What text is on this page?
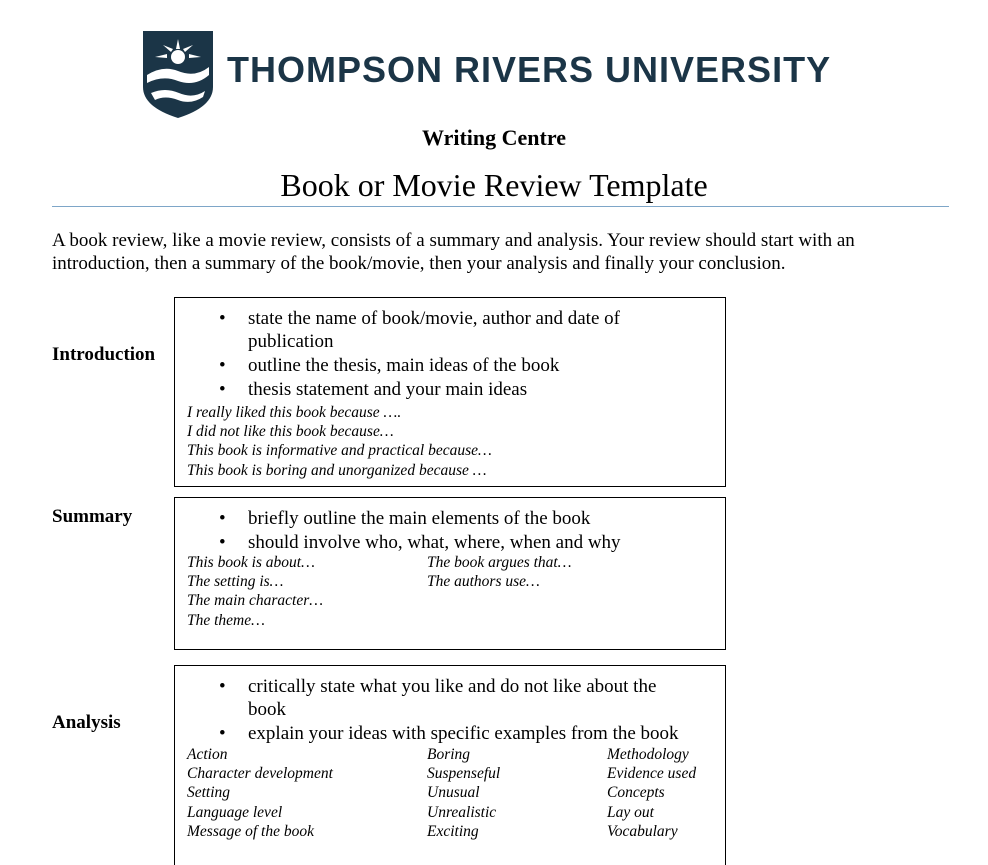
THOMPSON RIVERS UNIVERSITY
Writing Centre
Book or Movie Review Template
A book review, like a movie review, consists of a summary and analysis. Your review should start with an introduction, then a summary of the book/movie, then your analysis and finally your conclusion.
Introduction
• state the name of book/movie, author and date of publication
• outline the thesis, main ideas of the book
• thesis statement and your main ideas
I really liked this book because ….
I did not like this book because…
This book is informative and practical because…
This book is boring and unorganized because …
Summary	• briefly outline the main elements of the book
• should involve who, what, where, when and why
This book is about…
The setting is…
The main character…
The theme…
The book argues that…
The authors use…
Analysis
• critically state what you like and do not like about the book
• explain your ideas with specific examples from the book
Action
Character development
Setting
Language level
Message of the book
Boring
Suspenseful
Unusual
Unrealistic
Exciting
Methodology
Evidence used
Concepts
Lay out
Vocabulary
